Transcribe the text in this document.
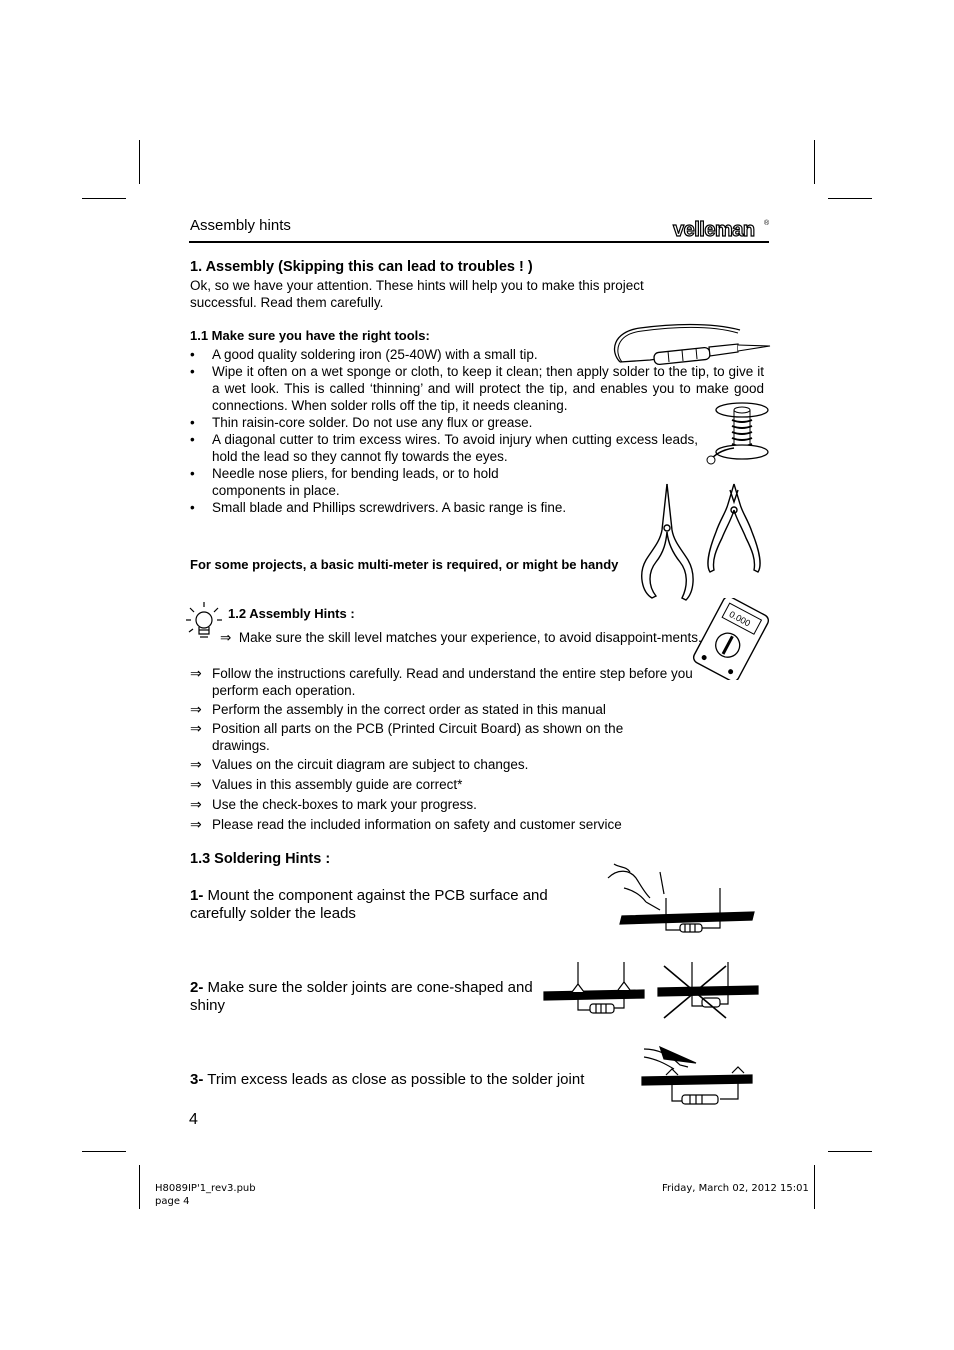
Assembly hints	velleman ®
1. Assembly (Skipping this can lead to troubles ! )
Ok, so we have your attention. These hints will help you to make this project
successful. Read them carefully.
1.1 Make sure you have the right tools:
• A good quality soldering iron (25-40W) with a small tip.
• Wipe it often on a wet sponge or cloth, to keep it clean; then apply solder to the tip, to give it a wet look. This is called ‘thinning’ and will protect the tip, and enables you to make good connections. When solder rolls off the tip, it needs cleaning.
• Thin raisin-core solder. Do not use any flux or grease.
• A diagonal cutter to trim excess wires. To avoid injury when cutting excess leads, hold the lead so they cannot fly towards the eyes.
• Needle nose pliers, for bending leads, or to hold components in place.
• Small blade and Phillips screwdrivers. A basic range is fine.
For some projects, a basic multi-meter is required, or might be handy
1.2 Assembly Hints :	0.000
⇒ Make sure the skill level matches your experience, to avoid disappoint-ments.
⇒ Follow the instructions carefully. Read and understand the entire step before you perform each operation.
⇒ Perform the assembly in the correct order as stated in this manual
⇒ Position all parts on the PCB (Printed Circuit Board) as shown on the drawings.
⇒ Values on the circuit diagram are subject to changes.
⇒ Values in this assembly guide are correct*
⇒ Use the check-boxes to mark your progress.
⇒ Please read the included information on safety and customer service
1.3 Soldering Hints :
1- Mount the component against the PCB surface and carefully solder the leads
2- Make sure the solder joints are cone-shaped and shiny
3- Trim excess leads as close as possible to the solder joint
4
H8089IP'1_rev3.pub
page 4
Friday, March 02, 2012 15:01
